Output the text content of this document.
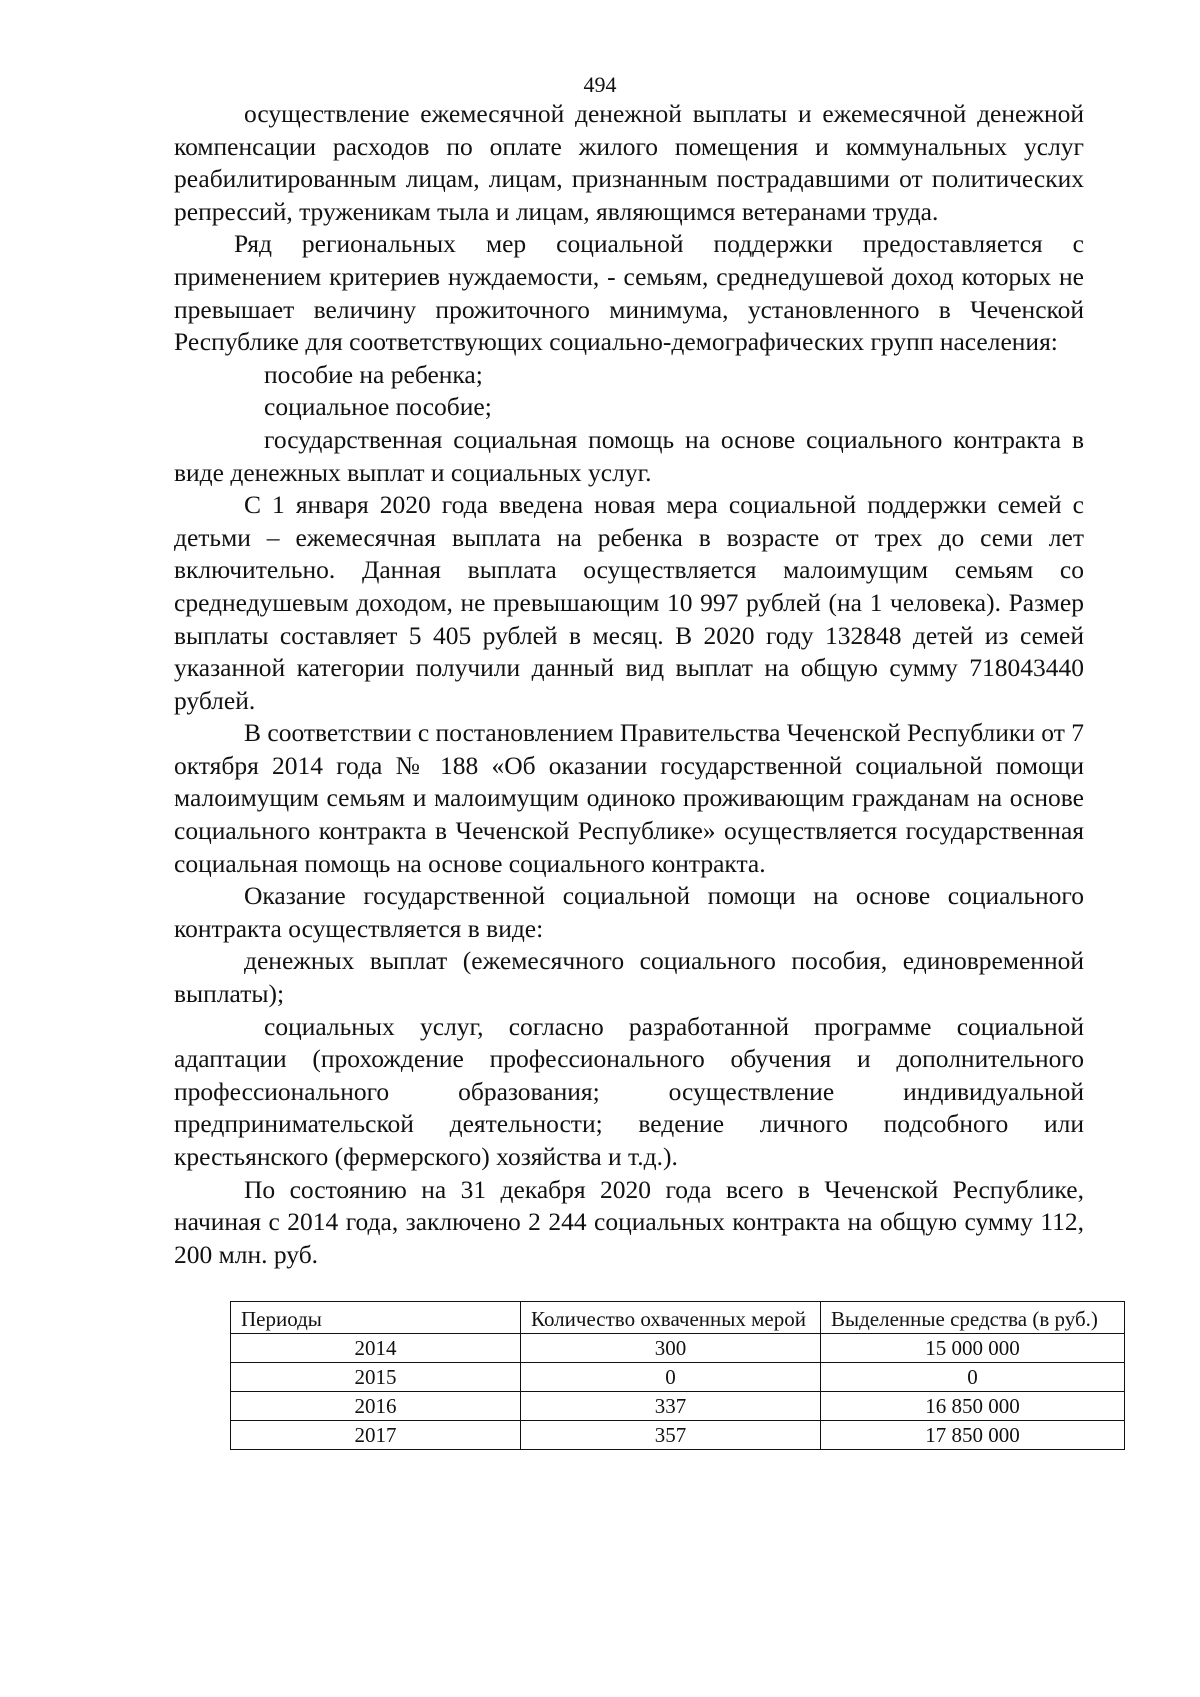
494

осуществление ежемесячной денежной выплаты и ежемесячной денежной компенсации расходов по оплате жилого помещения и коммунальных услуг реабилитированным лицам, лицам, признанным пострадавшими от политических репрессий, труженикам тыла и лицам, являющимся ветеранами труда.

Ряд региональных мер социальной поддержки предоставляется с применением критериев нуждаемости, - семьям, среднедушевой доход которых не превышает величину прожиточного минимума, установленного в Чеченской Республике для соответствующих социально-демографических групп населения:

пособие на ребенка;

социальное пособие;

государственная социальная помощь на основе социального контракта в виде денежных выплат и социальных услуг.

С 1 января 2020 года введена новая мера социальной поддержки семей с детьми – ежемесячная выплата на ребенка в возрасте от трех до семи лет включительно. Данная выплата осуществляется малоимущим семьям со среднедушевым доходом, не превышающим 10 997 рублей (на 1 человека). Размер выплаты составляет 5 405 рублей в месяц. В 2020 году 132848 детей из семей указанной категории получили данный вид выплат на общую сумму 718043440 рублей.

В соответствии с постановлением Правительства Чеченской Республики от 7 октября 2014 года № 188 «Об оказании государственной социальной помощи малоимущим семьям и малоимущим одиноко проживающим гражданам на основе социального контракта в Чеченской Республике» осуществляется государственная социальная помощь на основе социального контракта.

Оказание государственной социальной помощи на основе социального контракта осуществляется в виде:

денежных выплат (ежемесячного социального пособия, единовременной выплаты);

социальных услуг, согласно разработанной программе социальной адаптации (прохождение профессионального обучения и дополнительного профессионального образования; осуществление индивидуальной предпринимательской деятельности; ведение личного подсобного или крестьянского (фермерского) хозяйства и т.д.).

По состоянию на 31 декабря 2020 года всего в Чеченской Республике, начиная с 2014 года, заключено 2 244 социальных контракта на общую сумму 112, 200 млн. руб.

Периоды	Количество охваченных мерой	Выделенные средства (в руб.)
2014	300	15 000 000
2015	0	0
2016	337	16 850 000
2017	357	17 850 000
